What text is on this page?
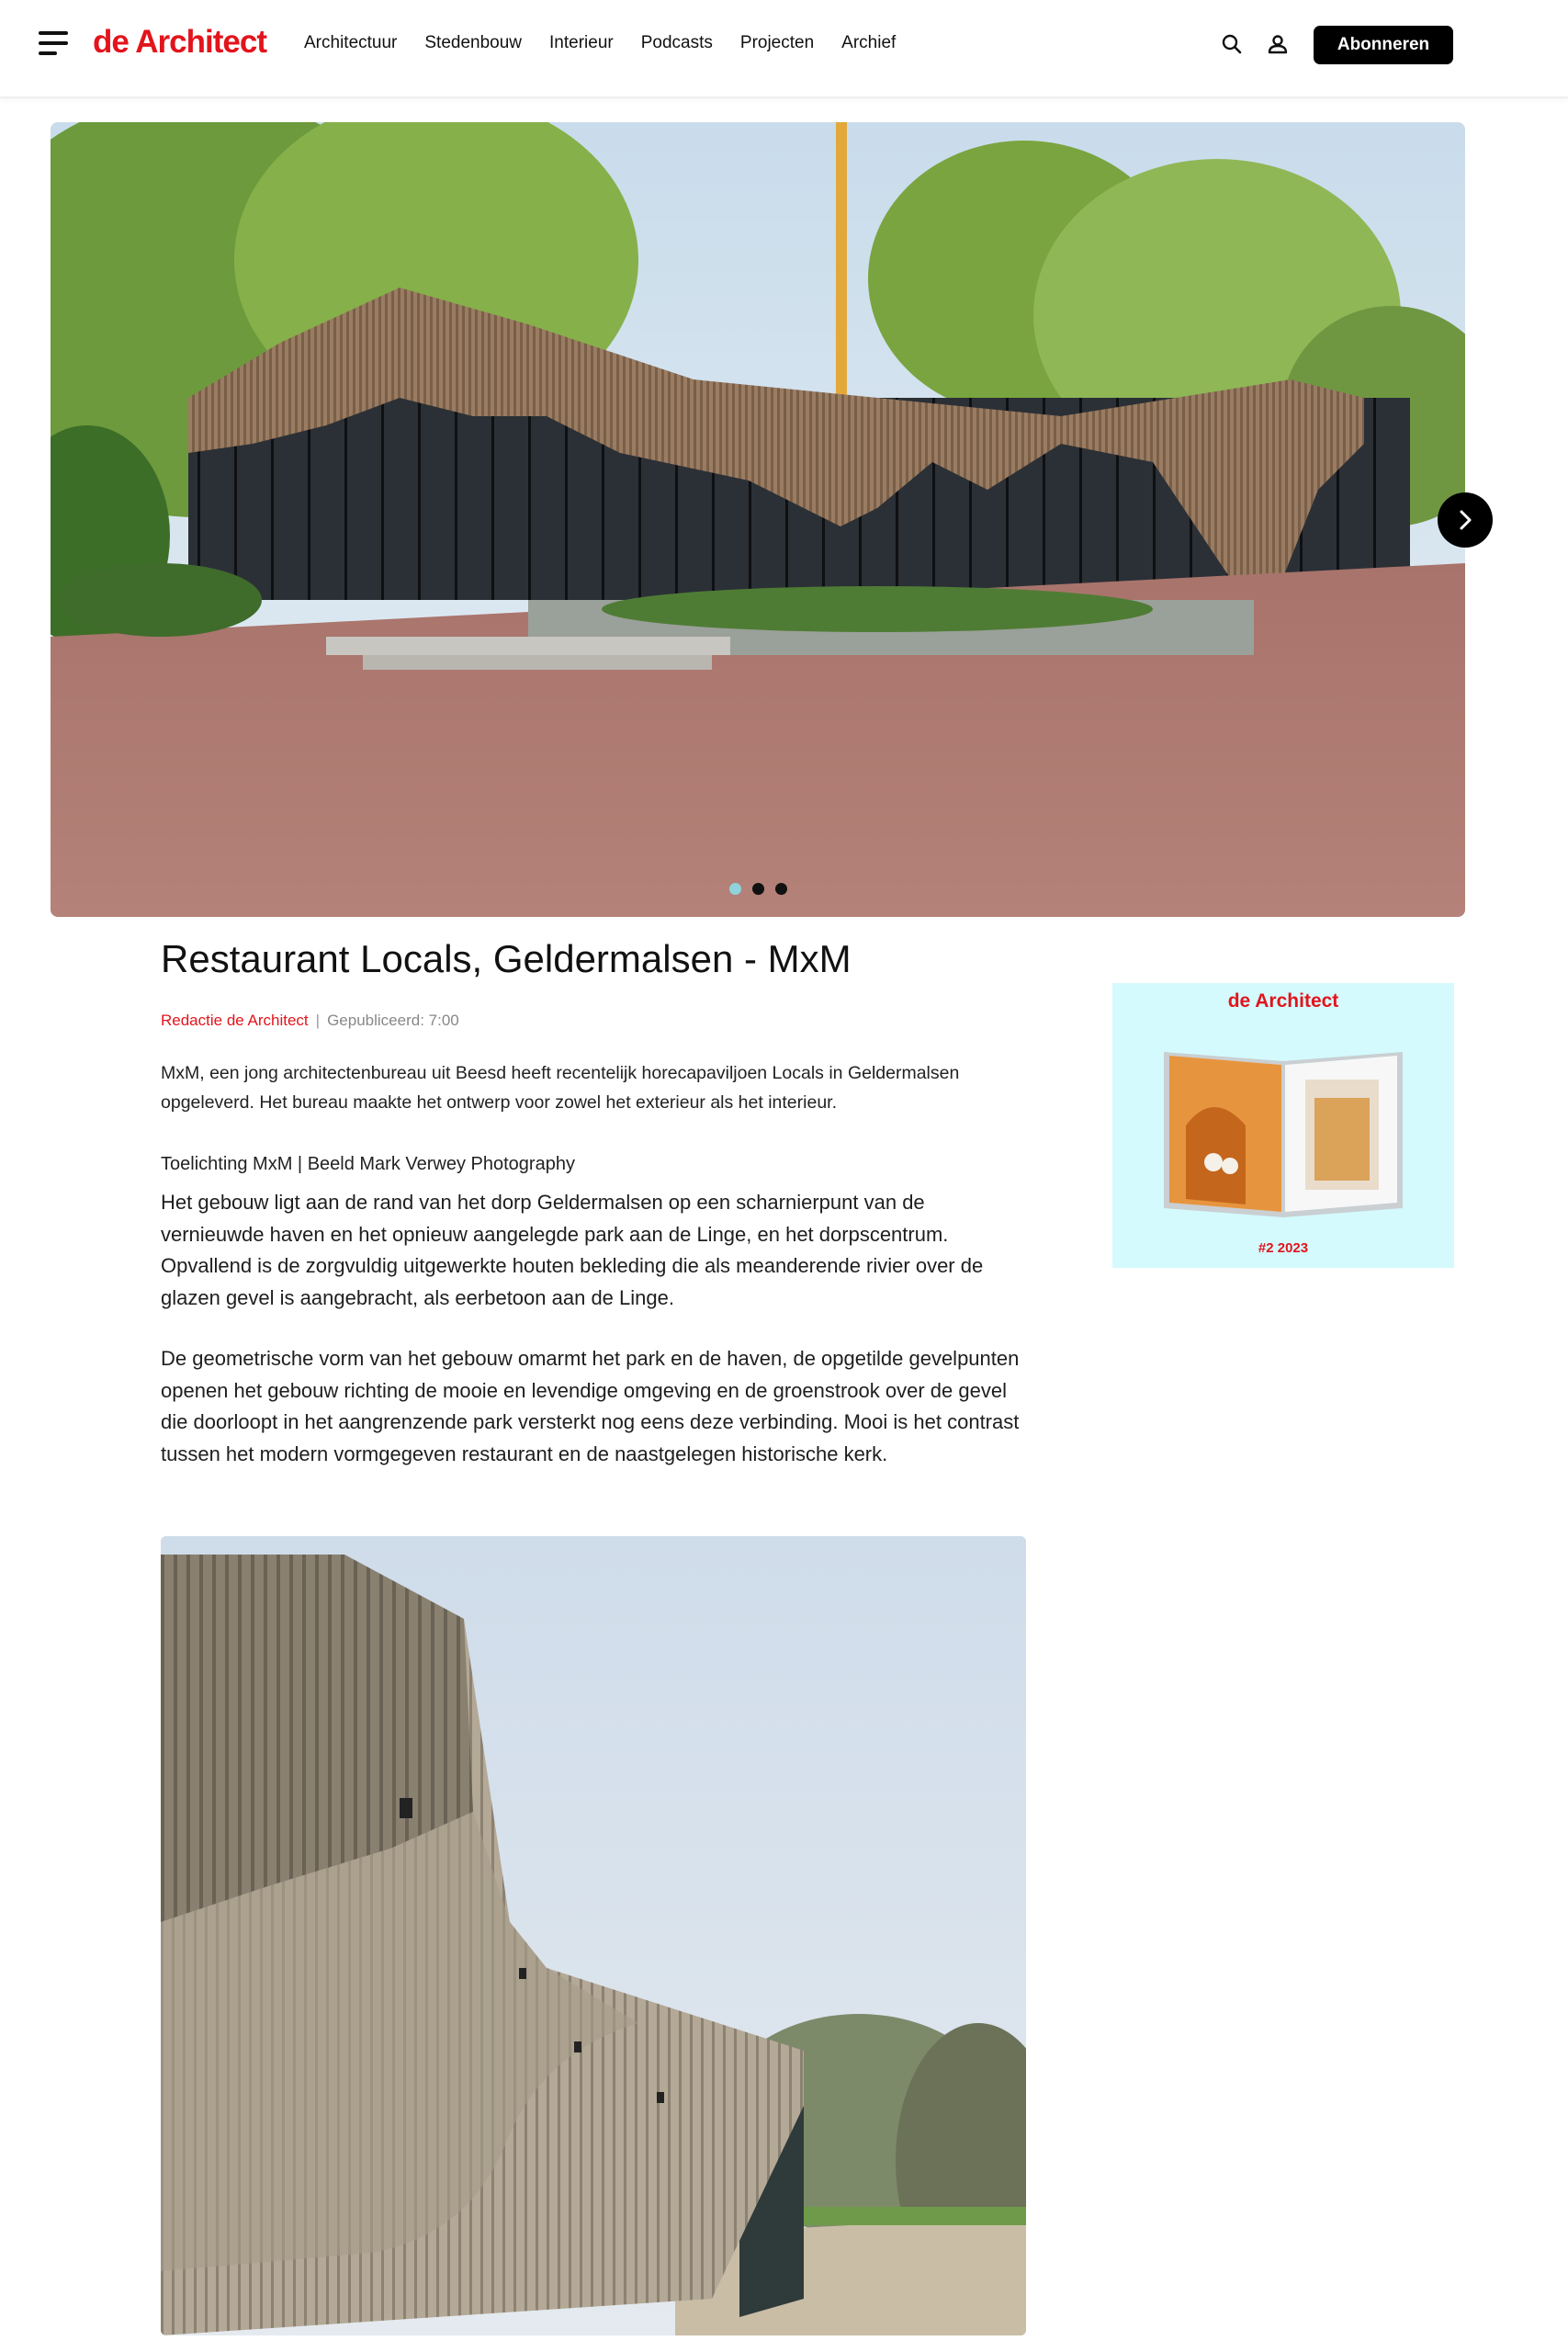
de Architect Architectuur Stedenbouw Interieur Podcasts Projecten Archief	Abonneren
Restaurant Locals, Geldermalsen - MxM
Redactie de Architect | Gepubliceerd: 7:00

MxM, een jong architectenbureau uit Beesd heeft recentelijk horecapaviljoen Locals in Geldermalsen opgeleverd. Het bureau maakte het ontwerp voor zowel het exterieur als het interieur.

Toelichting MxM | Beeld Mark Verwey Photography

Het gebouw ligt aan de rand van het dorp Geldermalsen op een scharnierpunt van de vernieuwde haven en het opnieuw aangelegde park aan de Linge, en het dorpscentrum. Opvallend is de zorgvuldig uitgewerkte houten bekleding die als meanderende rivier over de glazen gevel is aangebracht, als eerbetoon aan de Linge.

De geometrische vorm van het gebouw omarmt het park en de haven, de opgetilde gevelpunten openen het gebouw richting de mooie en levendige omgeving en de groenstrook over de gevel die doorloopt in het aangrenzende park versterkt nog eens deze verbinding. Mooi is het contrast tussen het modern vormgegeven restaurant en de naastgelegen historische kerk.

de Architect
#2 2023
